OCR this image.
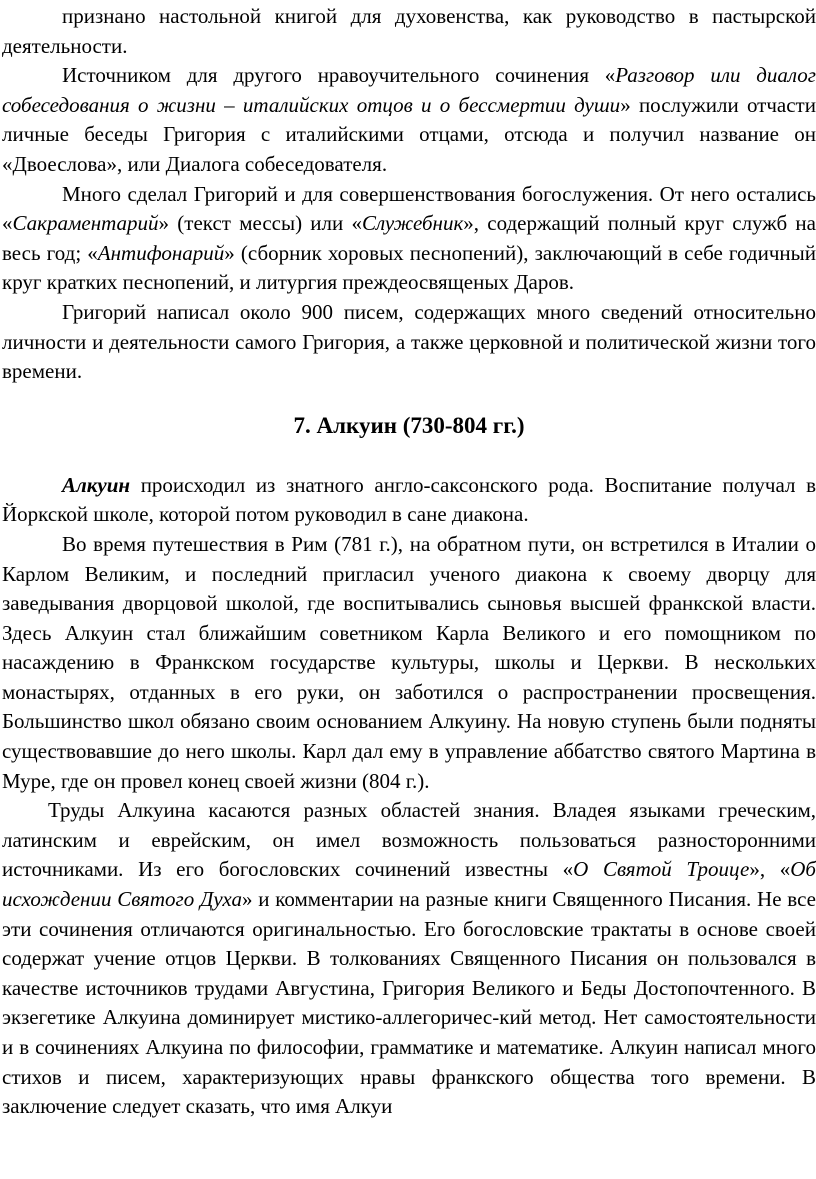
признано настольной книгой для духовенства, как руководство в пастырской деятельности.

Источником для другого нравоучительного сочинения «Разговор или диалог собеседования о жизни – италийских отцов и о бессмертии души» послужили отчасти личные беседы Григория с италийскими отцами, отсюда и получил название он «Двоеслова», или Диалога собеседователя.

Много сделал Григорий и для совершенствования богослужения. От него остались «Сакраментарий» (текст мессы) или «Служебник», содержащий полный круг служб на весь год; «Антифонарий» (сборник хоровых песнопений), заключающий в себе годичный круг кратких песнопений, и литургия преждеосвященых Даров.

Григорий написал около 900 писем, содержащих много сведений относительно личности и деятельности самого Григория, а также церковной и политической жизни того времени.

7. Алкуин (730-804 гг.)

Алкуин происходил из знатного англо-саксонского рода. Воспитание получал в Йоркской школе, которой потом руководил в сане диакона.

Во время путешествия в Рим (781 г.), на обратном пути, он встретился в Италии о Карлом Великим, и последний пригласил ученого диакона к своему дворцу для заведывания дворцовой школой, где воспитывались сыновья высшей франкской власти. Здесь Алкуин стал ближайшим советником Карла Великого и его помощником по насаждению в Франкском государстве культуры, школы и Церкви. В нескольких монастырях, отданных в его руки, он заботился о распространении просвещения. Большинство школ обязано своим основанием Алкуину. На новую ступень были подняты существовавшие до него школы. Карл дал ему в управление аббатство святого Мартина в Муре, где он провел конец своей жизни (804 г.).

Труды Алкуина касаются разных областей знания. Владея языками греческим, латинским и еврейским, он имел возможность пользоваться разносторонними источниками. Из его богословских сочинений известны «О Святой Троице», «Об исхождении Святого Духа» и комментарии на разные книги Священного Писания. Не все эти сочинения отличаются оригинальностью. Его богословские трактаты в основе своей содержат учение отцов Церкви. В толкованиях Священного Писания он пользовался в качестве источников трудами Августина, Григория Великого и Беды Достопочтенного. В экзегетике Алкуина доминирует мистико-аллегоричес-кий метод. Нет самостоятельности и в сочинениях Алкуина по философии, грамматике и математике. Алкуин написал много стихов и писем, характеризующих нравы франкского общества того времени. В заключение следует сказать, что имя Алкуи
